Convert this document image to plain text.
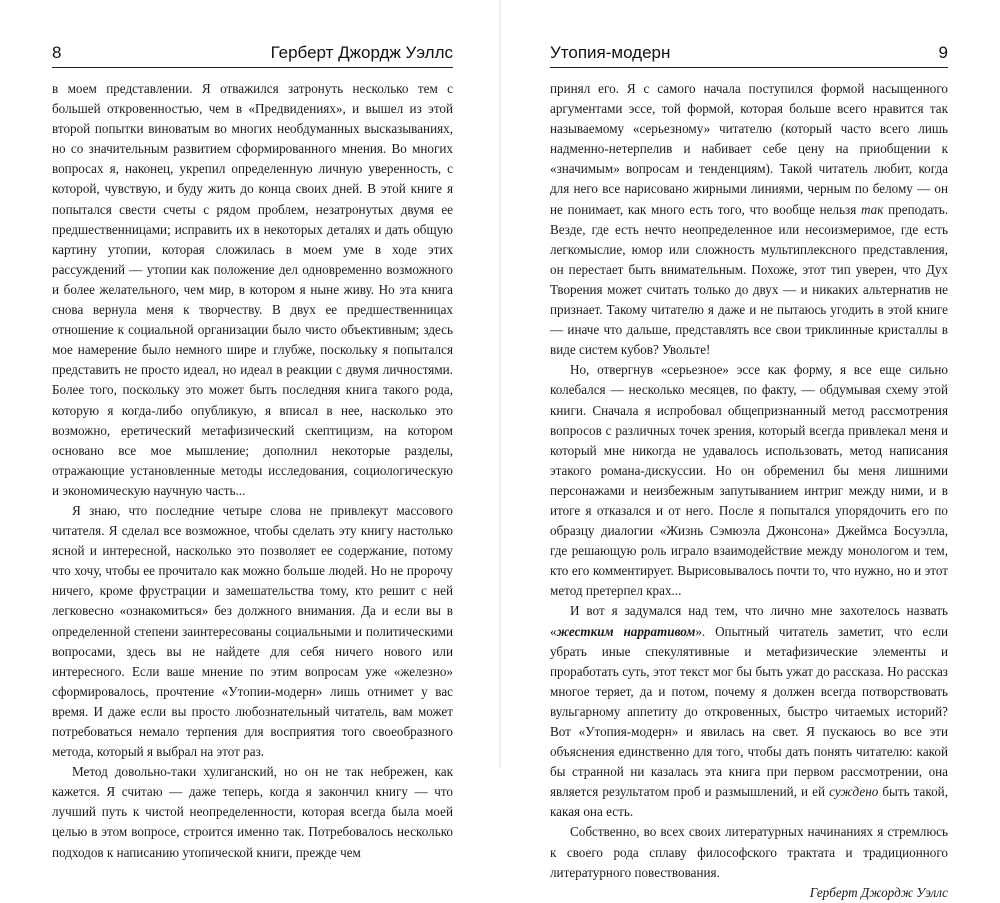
8	Герберт Джордж Уэллс

в моем представлении. Я отважился затронуть несколько тем с большей откровенностью, чем в «Предвидениях», и вышел из этой второй попытки виноватым во многих необдуманных высказываниях, но со значительным развитием сформированного мнения. Во многих вопросах я, наконец, укрепил определенную личную уверенность, с которой, чувствую, и буду жить до конца своих дней. В этой книге я попытался свести счеты с рядом проблем, незатронутых двумя ее предшественницами; исправить их в некоторых деталях и дать общую картину утопии, которая сложилась в моем уме в ходе этих рассуждений — утопии как положение дел одновременно возможного и более желательного, чем мир, в котором я ныне живу. Но эта книга снова вернула меня к творчеству. В двух ее предшественницах отношение к социальной организации было чисто объективным; здесь мое намерение было немного шире и глубже, поскольку я попытался представить не просто идеал, но идеал в реакции с двумя личностями. Более того, поскольку это может быть последняя книга такого рода, которую я когда-либо опубликую, я вписал в нее, насколько это возможно, еретический метафизический скептицизм, на котором основано все мое мышление; дополнил некоторые разделы, отражающие установленные методы исследования, социологическую и экономическую научную часть...

Я знаю, что последние четыре слова не привлекут массового читателя. Я сделал все возможное, чтобы сделать эту книгу настолько ясной и интересной, насколько это позволяет ее содержание, потому что хочу, чтобы ее прочитало как можно больше людей. Но не пророчу ничего, кроме фрустрации и замешательства тому, кто решит с ней легковесно «ознакомиться» без должного внимания. Да и если вы в определенной степени заинтересованы социальными и политическими вопросами, здесь вы не найдете для себя ничего нового или интересного. Если ваше мнение по этим вопросам уже «железно» сформировалось, прочтение «Утопии-модерн» лишь отнимет у вас время. И даже если вы просто любознательный читатель, вам может потребоваться немало терпения для восприятия того своеобразного метода, который я выбрал на этот раз.

Метод довольно-таки хулиганский, но он не так небрежен, как кажется. Я считаю — даже теперь, когда я закончил книгу — что лучший путь к чистой неопределенности, которая всегда была моей целью в этом вопросе, строится именно так. Потребовалось несколько подходов к написанию утопической книги, прежде чем

Утопия-модерн	9

принял его. Я с самого начала поступился формой насыщенного аргументами эссе, той формой, которая больше всего нравится так называемому «серьезному» читателю (который часто всего лишь надменно-нетерпелив и набивает себе цену на приобщении к «значимым» вопросам и тенденциям). Такой читатель любит, когда для него все нарисовано жирными линиями, черным по белому — он не понимает, как много есть того, что вообще нельзя так преподать. Везде, где есть нечто неопределенное или несоизмеримое, где есть легкомыслие, юмор или сложность мультиплексного представления, он перестает быть внимательным. Похоже, этот тип уверен, что Дух Творения может считать только до двух — и никаких альтернатив не признает. Такому читателю я даже и не пытаюсь угодить в этой книге — иначе что дальше, представлять все свои триклинные кристаллы в виде систем кубов? Увольте!

Но, отвергнув «серьезное» эссе как форму, я все еще сильно колебался — несколько месяцев, по факту, — обдумывая схему этой книги. Сначала я испробовал общепризнанный метод рассмотрения вопросов с различных точек зрения, который всегда привлекал меня и который мне никогда не удавалось использовать, метод написания этакого романа-дискуссии. Но он обременил бы меня лишними персонажами и неизбежным запутыванием интриг между ними, и в итоге я отказался и от него. После я попытался упорядочить его по образцу диалогии «Жизнь Сэмюэла Джонсона» Джеймса Босуэлла, где решающую роль играло взаимодействие между монологом и тем, кто его комментирует. Вырисовывалось почти то, что нужно, но и этот метод претерпел крах...

И вот я задумался над тем, что лично мне захотелось назвать «жестким нарративом». Опытный читатель заметит, что если убрать иные спекулятивные и метафизические элементы и проработать суть, этот текст мог бы быть ужат до рассказа. Но рассказ многое теряет, да и потом, почему я должен всегда потворствовать вульгарному аппетиту до откровенных, быстро читаемых историй? Вот «Утопия-модерн» и явилась на свет. Я пускаюсь во все эти объяснения единственно для того, чтобы дать понять читателю: какой бы странной ни казалась эта книга при первом рассмотрении, она является результатом проб и размышлений, и ей суждено быть такой, какая она есть.

Собственно, во всех своих литературных начинаниях я стремлюсь к своего рода сплаву философского трактата и традиционного литературного повествования.

Герберт Джордж Уэллс
